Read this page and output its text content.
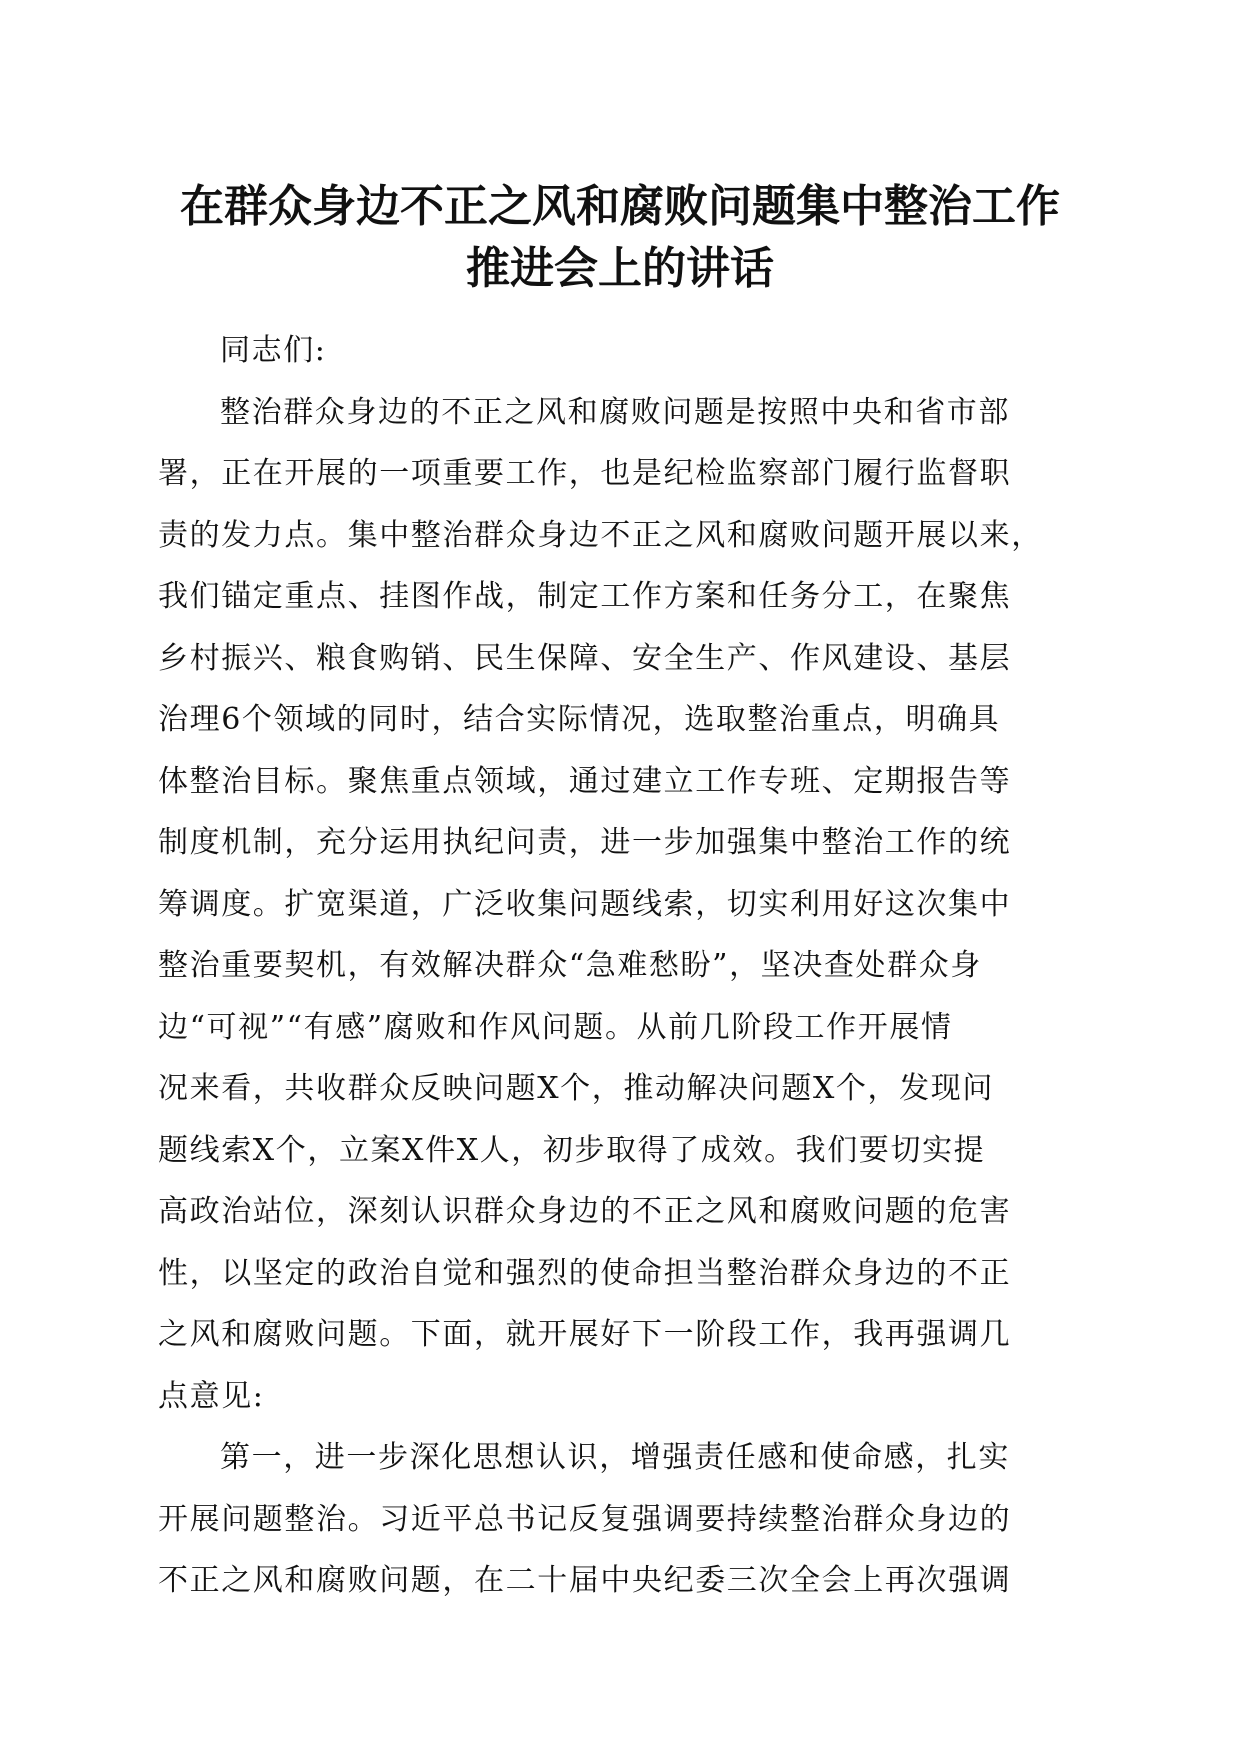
在群众身边不正之风和腐败问题集中整治工作
推进会上的讲话
同志们:
整治群众身边的不正之风和腐败问题是按照中央和省市部
署，正在开展的一项重要工作，也是纪检监察部门履行监督职
责的发力点。集中整治群众身边不正之风和腐败问题开展以来，
我们锚定重点、挂图作战，制定工作方案和任务分工，在聚焦
乡村振兴、粮食购销、民生保障、安全生产、作风建设、基层
治理6个领域的同时，结合实际情况，选取整治重点，明确具
体整治目标。聚焦重点领域，通过建立工作专班、定期报告等
制度机制，充分运用执纪问责，进一步加强集中整治工作的统
筹调度。扩宽渠道，广泛收集问题线索，切实利用好这次集中
整治重要契机，有效解决群众“急难愁盼”，坚决查处群众身
边“可视”“有感”腐败和作风问题。从前几阶段工作开展情
况来看，共收群众反映问题X个，推动解决问题X个，发现问
题线索X个，立案X件X人，初步取得了成效。我们要切实提
高政治站位，深刻认识群众身边的不正之风和腐败问题的危害
性，以坚定的政治自觉和强烈的使命担当整治群众身边的不正
之风和腐败问题。下面，就开展好下一阶段工作，我再强调几
点意见:
第一，进一步深化思想认识，增强责任感和使命感，扎实
开展问题整治。习近平总书记反复强调要持续整治群众身边的
不正之风和腐败问题，在二十届中央纪委三次全会上再次强调
